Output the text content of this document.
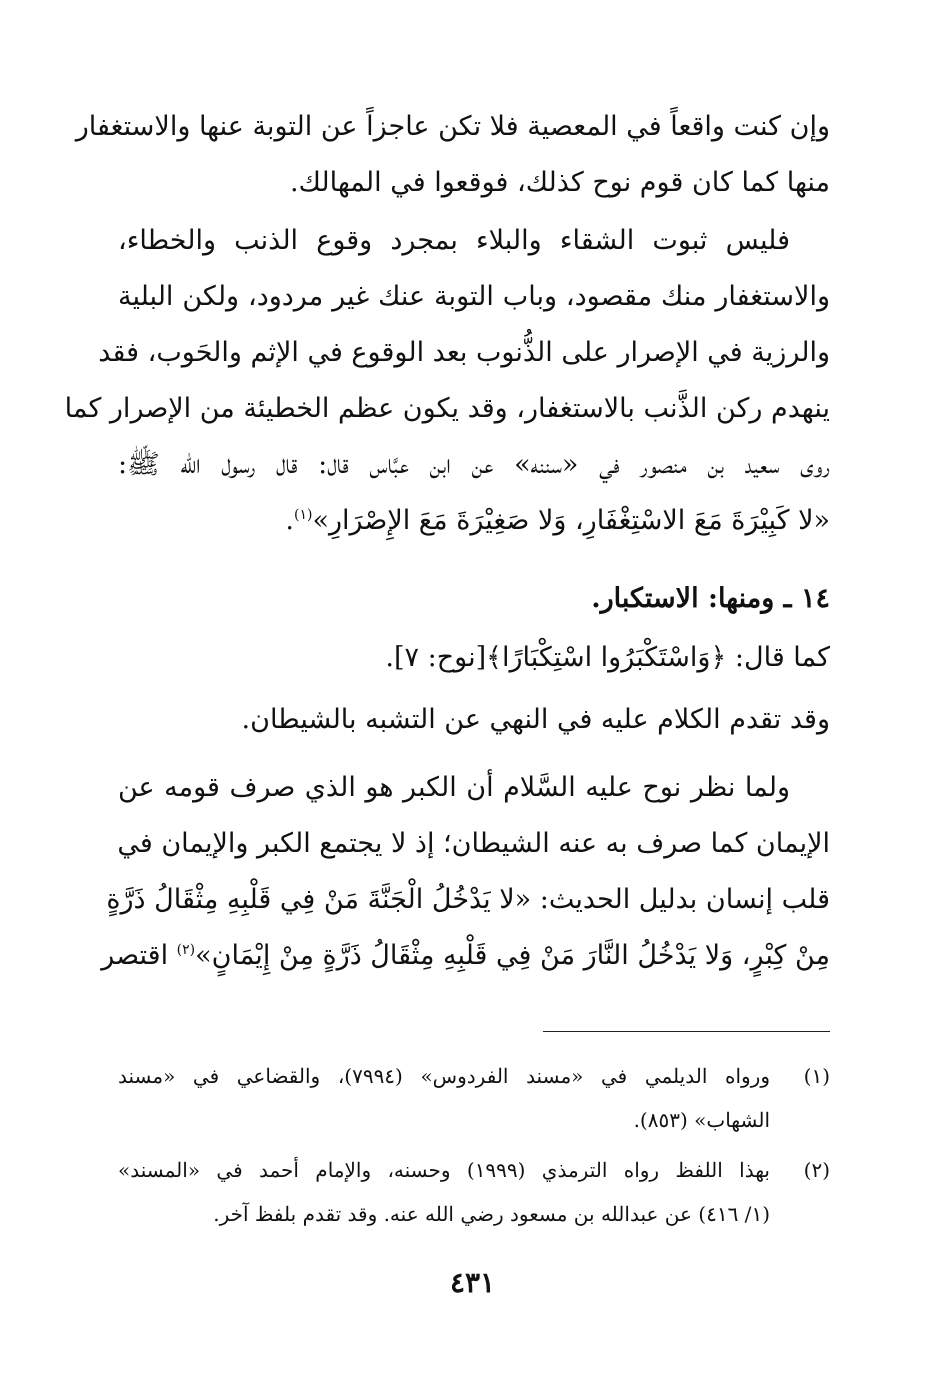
وإن كنت واقعاً في المعصية فلا تكن عاجزاً عن التوبة عنها والاستغفار
منها كما كان قوم نوح كذلك، فوقعوا في المهالك.
فليس ثبوت الشقاء والبلاء بمجرد وقوع الذنب والخطاء،
والاستغفار منك مقصود، وباب التوبة عنك غير مردود، ولكن البلية
والرزية في الإصرار على الذُّنوب بعد الوقوع في الإثم والحَوب، فقد
ينهدم ركن الذَّنب بالاستغفار، وقد يكون عظم الخطيئة من الإصرار كما
روى سعيد بن منصور في «سننه» عن ابن عبَّاس قال: قال رسول الله ﷺ:
«لا كَبِيْرَةَ مَعَ الاسْتِغْفَارِ، وَلا صَغِيْرَةَ مَعَ الإِصْرَارِ»$^{(١)}$.
١٤ ـ ومنها: الاستكبار.
كما قال: ﴿وَاسْتَكْبَرُوا اسْتِكْبَارًا﴾[نوح: ٧].
وقد تقدم الكلام عليه في النهي عن التشبه بالشيطان.
ولما نظر نوح عليه السَّلام أن الكبر هو الذي صرف قومه عن
الإيمان كما صرف به عنه الشيطان؛ إذ لا يجتمع الكبر والإيمان في
قلب إنسان بدليل الحديث: «لا يَدْخُلُ الْجَنَّةَ مَنْ فِي قَلْبِهِ مِثْقَالُ ذَرَّةٍ
مِنْ كِبْرٍ، وَلا يَدْخُلُ النَّارَ مَنْ فِي قَلْبِهِ مِثْقَالُ ذَرَّةٍ مِنْ إِيْمَانٍ»$^{(٢)}$ اقتصر
(١)ورواه الديلمي في «مسند الفردوس» (٧٩٩٤)، والقضاعي في «مسند
الشهاب» (٨٥٣).
(٢)بهذا اللفظ رواه الترمذي (١٩٩٩) وحسنه، والإمام أحمد في «المسند»
(١/ ٤١٦) عن عبدالله بن مسعود رضي الله عنه. وقد تقدم بلفظ آخر.
٤٣١
